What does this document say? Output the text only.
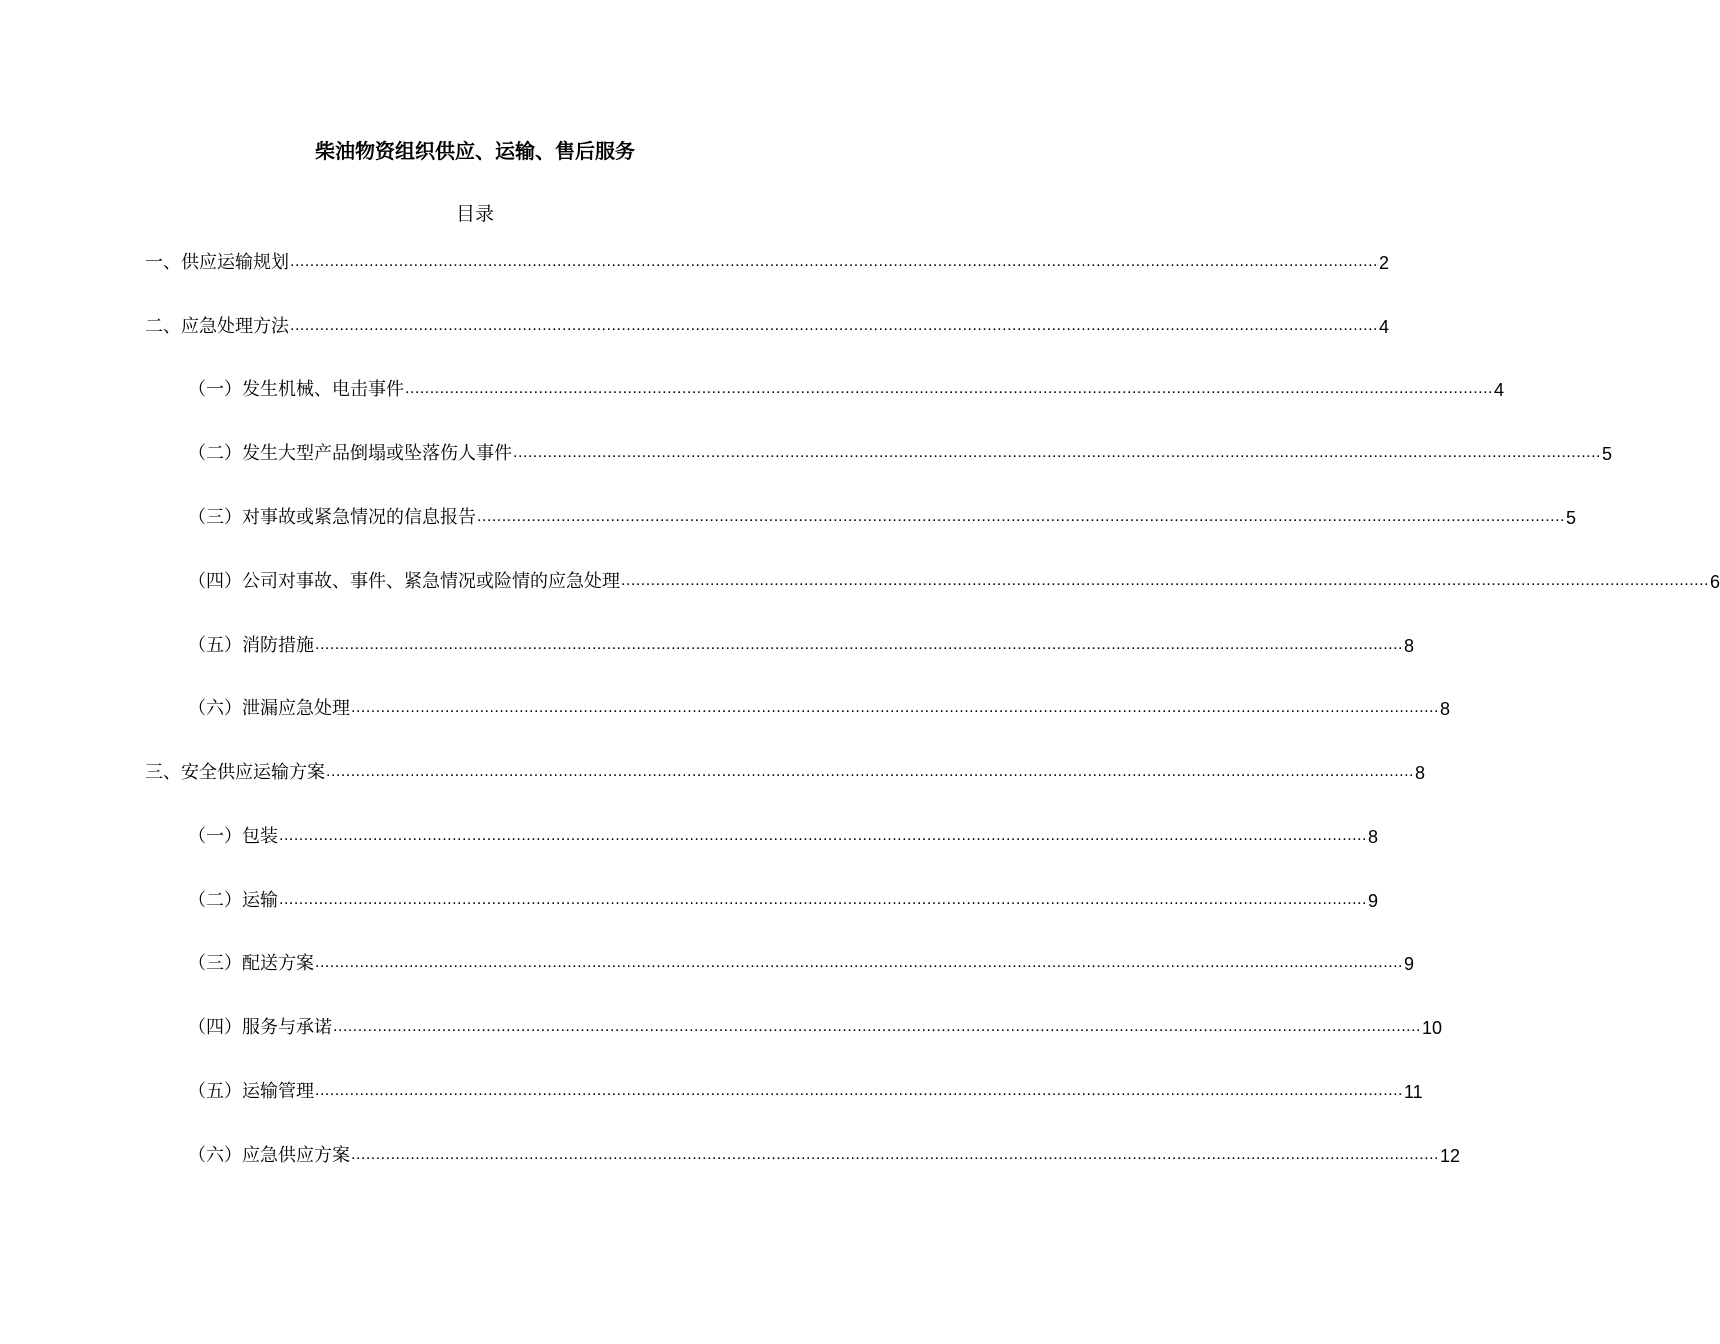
柴油物资组织供应、运输、售后服务
目录
一、供应运输规划 ............................................................................................................................................................................................................................ 2
二、应急处理方法 ............................................................................................................................................................................................................................ 4
（一）发生机械、电击事件 ............................................................................................................................................................................................................................ 4
（二）发生大型产品倒塌或坠落伤人事件 ............................................................................................................................................................................................................................ 5
（三）对事故或紧急情况的信息报告 ............................................................................................................................................................................................................................ 5
（四）公司对事故、事件、紧急情况或险情的应急处理 ............................................................................................................................................................................................................................ 6
（五）消防措施 ............................................................................................................................................................................................................................ 8
（六）泄漏应急处理 ............................................................................................................................................................................................................................ 8
三、安全供应运输方案 ............................................................................................................................................................................................................................ 8
（一）包装 ............................................................................................................................................................................................................................ 8
（二）运输 ............................................................................................................................................................................................................................ 9
（三）配送方案 ............................................................................................................................................................................................................................ 9
（四）服务与承诺 ............................................................................................................................................................................................................................ 10
（五）运输管理 ............................................................................................................................................................................................................................ 11
（六）应急供应方案 ............................................................................................................................................................................................................................ 12
